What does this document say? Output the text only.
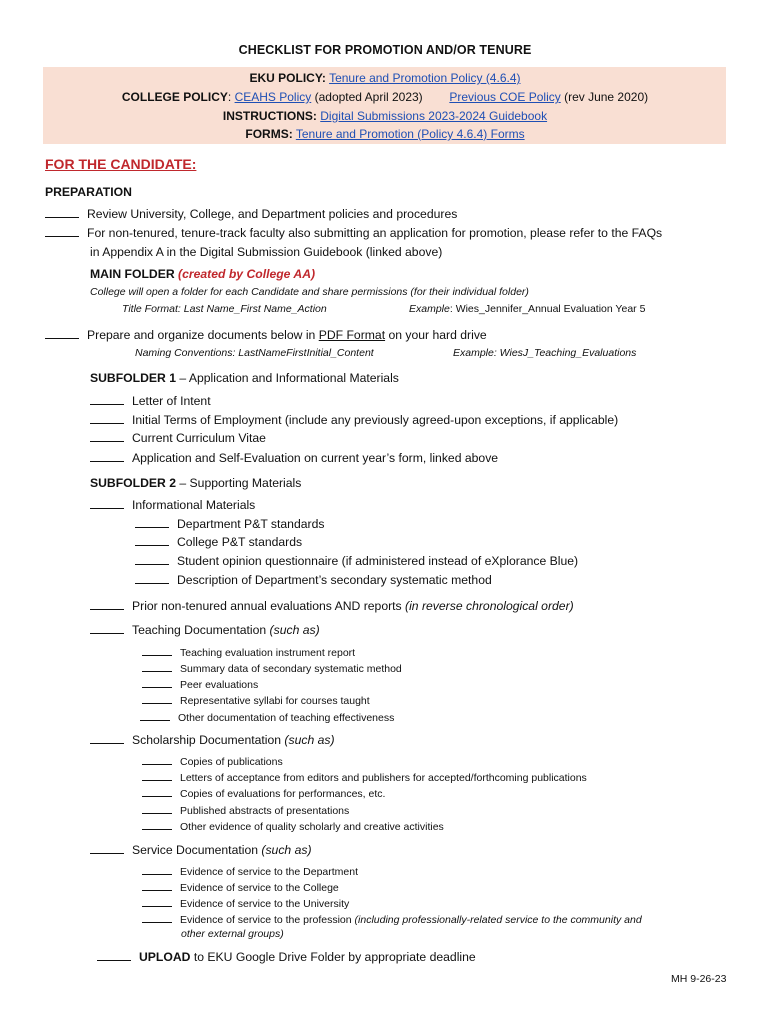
CHECKLIST FOR PROMOTION AND/OR TENURE
EKU POLICY: Tenure and Promotion Policy (4.6.4)
COLLEGE POLICY: CEAHS Policy (adopted April 2023) Previous COE Policy (rev June 2020)
INSTRUCTIONS: Digital Submissions 2023-2024 Guidebook
FORMS: Tenure and Promotion (Policy 4.6.4) Forms
FOR THE CANDIDATE:
PREPARATION
Review University, College, and Department policies and procedures
For non-tenured, tenure-track faculty also submitting an application for promotion, please refer to the FAQs
in Appendix A in the Digital Submission Guidebook (linked above)
MAIN FOLDER (created by College AA)
College will open a folder for each Candidate and share permissions (for their individual folder)
Title Format: Last Name_First Name_Action	Example: Wies_Jennifer_Annual Evaluation Year 5
Prepare and organize documents below in PDF Format on your hard drive
Naming Conventions: LastNameFirstInitial_Content	Example: WiesJ_Teaching_Evaluations
SUBFOLDER 1 – Application and Informational Materials
Letter of Intent
Initial Terms of Employment (include any previously agreed-upon exceptions, if applicable)
Current Curriculum Vitae
Application and Self-Evaluation on current year’s form, linked above
SUBFOLDER 2 – Supporting Materials
Informational Materials
Department P&T standards
College P&T standards
Student opinion questionnaire (if administered instead of eXplorance Blue)
Description of Department’s secondary systematic method
Prior non-tenured annual evaluations AND reports (in reverse chronological order)
Teaching Documentation (such as)
Teaching evaluation instrument report
Summary data of secondary systematic method
Peer evaluations
Representative syllabi for courses taught
Other documentation of teaching effectiveness
Scholarship Documentation (such as)
Copies of publications
Letters of acceptance from editors and publishers for accepted/forthcoming publications
Copies of evaluations for performances, etc.
Published abstracts of presentations
Other evidence of quality scholarly and creative activities
Service Documentation (such as)
Evidence of service to the Department
Evidence of service to the College
Evidence of service to the University
Evidence of service to the profession (including professionally-related service to the community and
other external groups)
UPLOAD to EKU Google Drive Folder by appropriate deadline
MH 9-26-23
